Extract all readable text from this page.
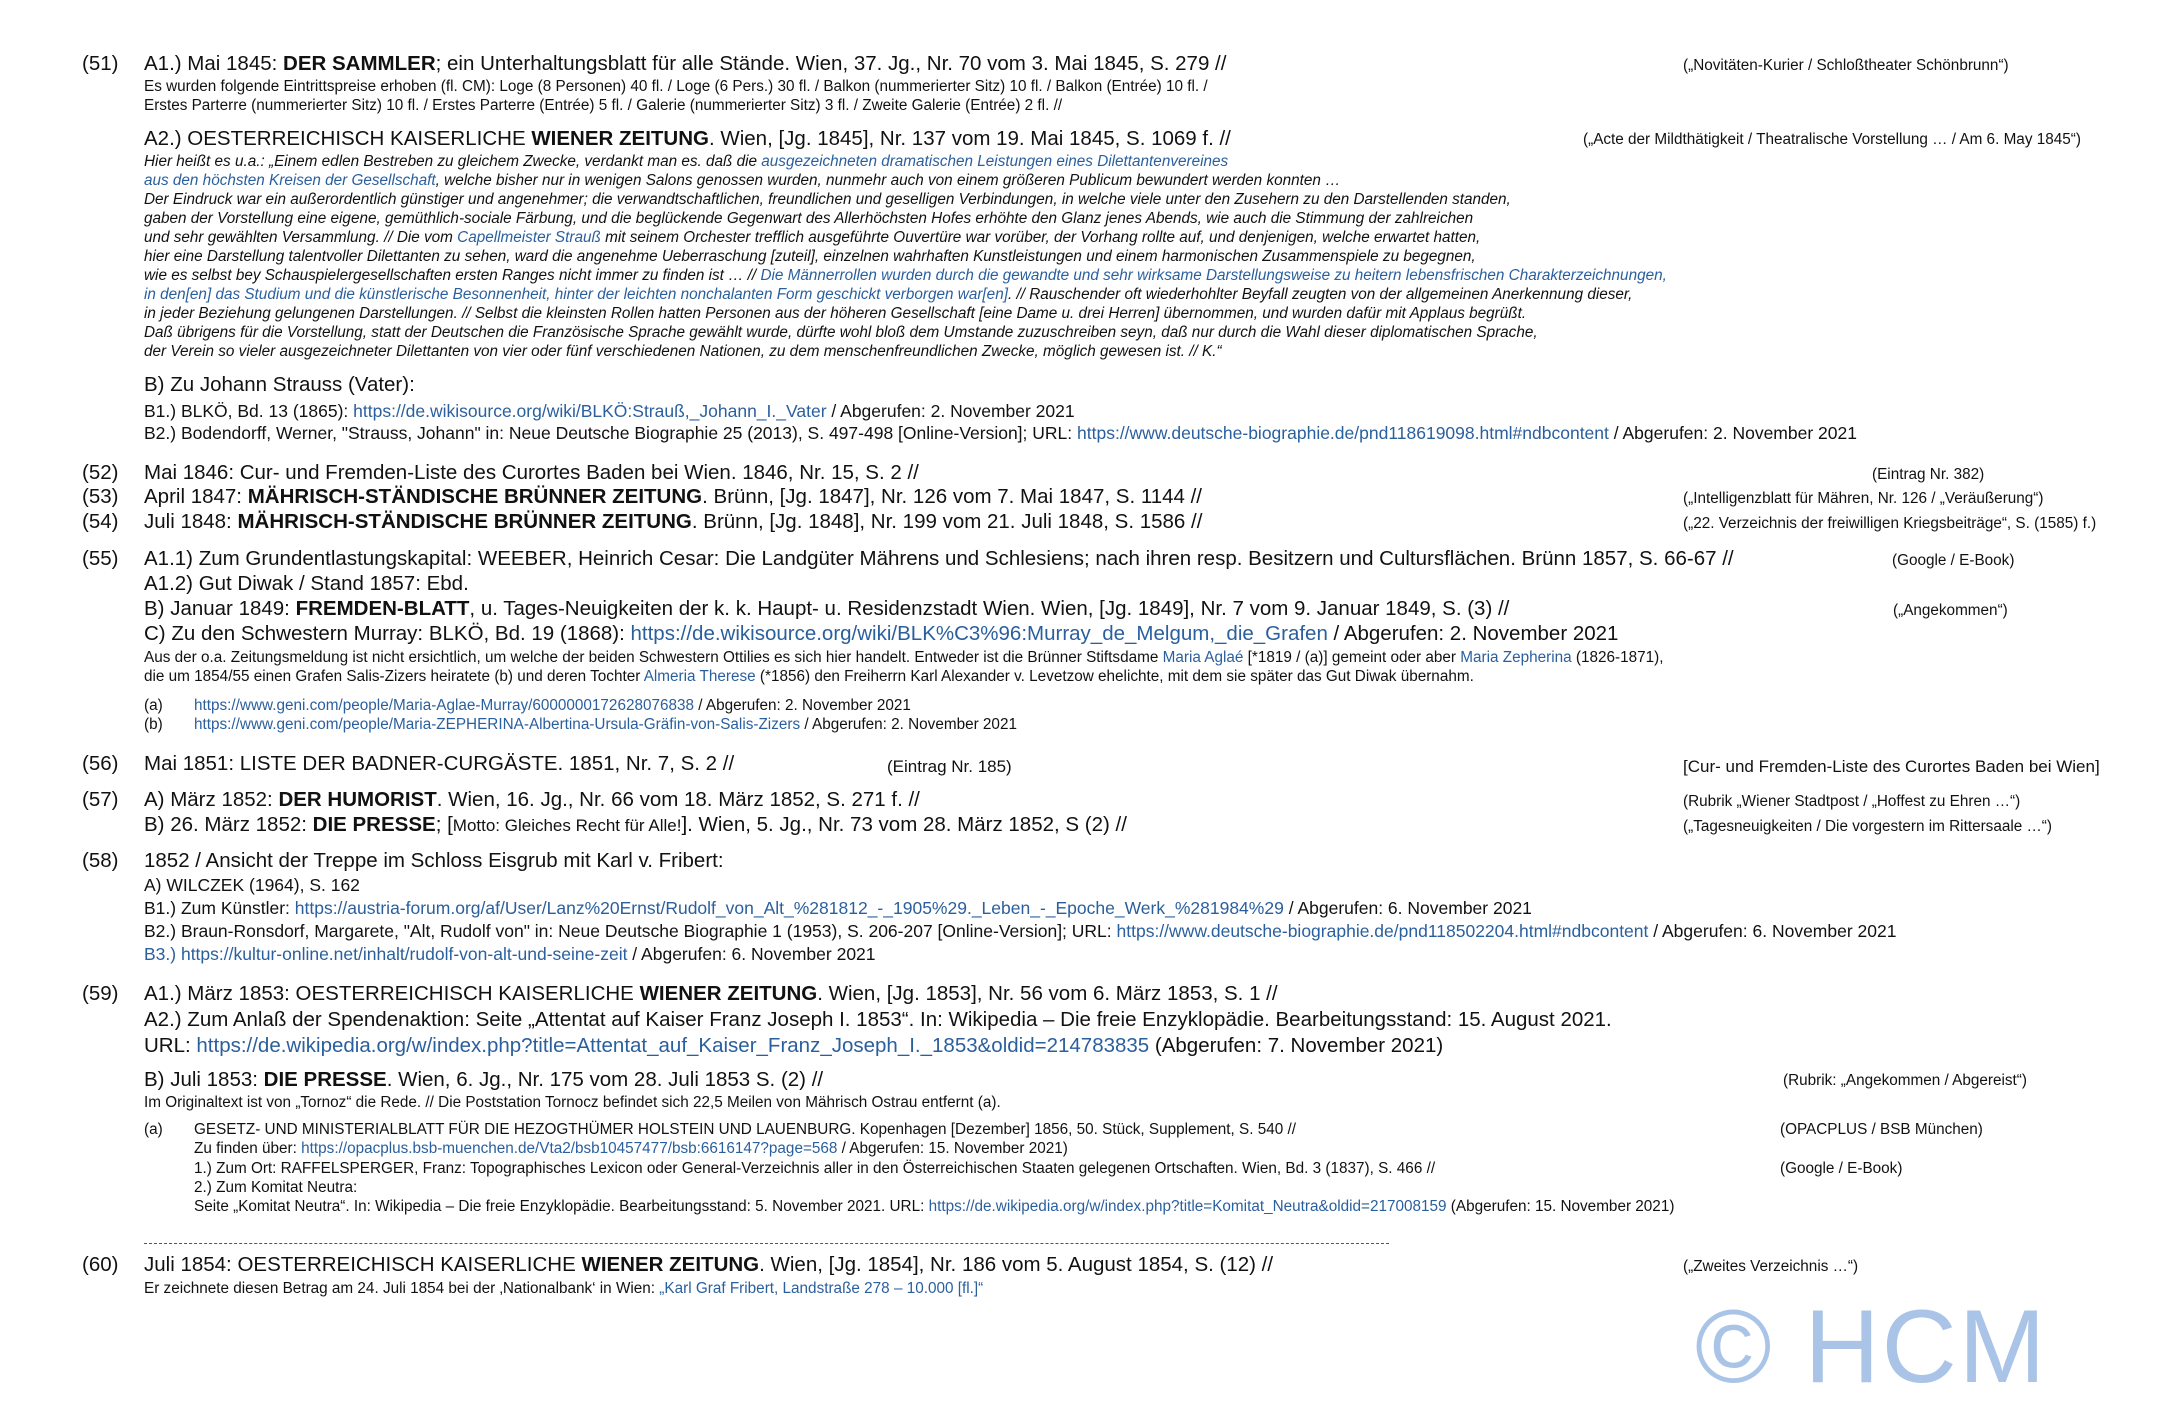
(51) A1.) Mai 1845: DER SAMMLER; ein Unterhaltungsblatt für alle Stände. Wien, 37. Jg., Nr. 70 vom 3. Mai 1845, S. 279 //	(„Novitäten-Kurier / Schloßtheater Schönbrunn“)
Es wurden folgende Eintrittspreise erhoben (fl. CM): Loge (8 Personen) 40 fl. / Loge (6 Pers.) 30 fl. / Balkon (nummerierter Sitz) 10 fl. / Balkon (Entrée) 10 fl. /
Erstes Parterre (nummerierter Sitz) 10 fl. / Erstes Parterre (Entrée) 5 fl. / Galerie (nummerierter Sitz) 3 fl. / Zweite Galerie (Entrée) 2 fl. //
A2.) OESTERREICHISCH KAISERLICHE WIENER ZEITUNG. Wien, [Jg. 1845], Nr. 137 vom 19. Mai 1845, S. 1069 f. //	(„Acte der Mildthätigkeit / Theatralische Vorstellung … / Am 6. May 1845“)
Hier heißt es u.a.: „Einem edlen Bestreben zu gleichem Zwecke, verdankt man es. daß die ausgezeichneten dramatischen Leistungen eines Dilettantenvereines
aus den höchsten Kreisen der Gesellschaft, welche bisher nur in wenigen Salons genossen wurden, nunmehr auch von einem größeren Publicum bewundert werden konnten …
Der Eindruck war ein außerordentlich günstiger und angenehmer; die verwandtschaftlichen, freundlichen und geselligen Verbindungen, in welche viele unter den Zusehern zu den Darstellenden standen,
gaben der Vorstellung eine eigene, gemüthlich-sociale Färbung, und die beglückende Gegenwart des Allerhöchsten Hofes erhöhte den Glanz jenes Abends, wie auch die Stimmung der zahlreichen
und sehr gewählten Versammlung. // Die vom Capellmeister Strauß mit seinem Orchester trefflich ausgeführte Ouvertüre war vorüber, der Vorhang rollte auf, und denjenigen, welche erwartet hatten,
hier eine Darstellung talentvoller Dilettanten zu sehen, ward die angenehme Ueberraschung [zuteil], einzelnen wahrhaften Kunstleistungen und einem harmonischen Zusammenspiele zu begegnen,
wie es selbst bey Schauspielergesellschaften ersten Ranges nicht immer zu finden ist … // Die Männerrollen wurden durch die gewandte und sehr wirksame Darstellungsweise zu heitern lebensfrischen Charakterzeichnungen,
in den[en] das Studium und die künstlerische Besonnenheit, hinter der leichten nonchalanten Form geschickt verborgen war[en]. // Rauschender oft wiederhohlter Beyfall zeugten von der allgemeinen Anerkennung dieser,
in jeder Beziehung gelungenen Darstellungen. // Selbst die kleinsten Rollen hatten Personen aus der höheren Gesellschaft [eine Dame u. drei Herren] übernommen, und wurden dafür mit Applaus begrüßt.
Daß übrigens für die Vorstellung, statt der Deutschen die Französische Sprache gewählt wurde, dürfte wohl bloß dem Umstande zuzuschreiben seyn, daß nur durch die Wahl dieser diplomatischen Sprache,
der Verein so vieler ausgezeichneter Dilettanten von vier oder fünf verschiedenen Nationen, zu dem menschenfreundlichen Zwecke, möglich gewesen ist. // K.“
B) Zu Johann Strauss (Vater):
B1.) BLKÖ, Bd. 13 (1865): https://de.wikisource.org/wiki/BLKÖ:Strauß,_Johann_I._Vater / Abgerufen: 2. November 2021
B2.) Bodendorff, Werner, "Strauss, Johann" in: Neue Deutsche Biographie 25 (2013), S. 497-498 [Online-Version]; URL: https://www.deutsche-biographie.de/pnd118619098.html#ndbcontent / Abgerufen: 2. November 2021
(52) Mai 1846: Cur- und Fremden-Liste des Curortes Baden bei Wien. 1846, Nr. 15, S. 2 //	(Eintrag Nr. 382)
(53) April 1847: MÄHRISCH-STÄNDISCHE BRÜNNER ZEITUNG. Brünn, [Jg. 1847], Nr. 126 vom 7. Mai 1847, S. 1144 //	(„Intelligenzblatt für Mähren, Nr. 126 / „Veräußerung“)
(54) Juli 1848: MÄHRISCH-STÄNDISCHE BRÜNNER ZEITUNG. Brünn, [Jg. 1848], Nr. 199 vom 21. Juli 1848, S. 1586 //	(„22. Verzeichnis der freiwilligen Kriegsbeiträge“, S. (1585) f.)
(55) A1.1) Zum Grundentlastungskapital: WEEBER, Heinrich Cesar: Die Landgüter Mährens und Schlesiens; nach ihren resp. Besitzern und Cultursflächen. Brünn 1857, S. 66-67 //	(Google / E-Book)
A1.2) Gut Diwak / Stand 1857: Ebd.
B) Januar 1849: FREMDEN-BLATT, u. Tages-Neuigkeiten der k. k. Haupt- u. Residenzstadt Wien. Wien, [Jg. 1849], Nr. 7 vom 9. Januar 1849, S. (3) //	(„Angekommen“)
C) Zu den Schwestern Murray: BLKÖ, Bd. 19 (1868): https://de.wikisource.org/wiki/BLK%C3%96:Murray_de_Melgum,_die_Grafen / Abgerufen: 2. November 2021
Aus der o.a. Zeitungsmeldung ist nicht ersichtlich, um welche der beiden Schwestern Ottilies es sich hier handelt. Entweder ist die Brünner Stiftsdame Maria Aglaé [*1819 / (a)] gemeint oder aber Maria Zepherina (1826-1871),
die um 1854/55 einen Grafen Salis-Zizers heiratete (b) und deren Tochter Almeria Therese (*1856) den Freiherrn Karl Alexander v. Levetzow ehelichte, mit dem sie später das Gut Diwak übernahm.
(a) https://www.geni.com/people/Maria-Aglae-Murray/6000000172628076838 / Abgerufen: 2. November 2021
(b) https://www.geni.com/people/Maria-ZEPHERINA-Albertina-Ursula-Gräfin-von-Salis-Zizers / Abgerufen: 2. November 2021
(56) Mai 1851: LISTE DER BADNER-CURGÄSTE. 1851, Nr. 7, S. 2 //	(Eintrag Nr. 185)	[Cur- und Fremden-Liste des Curortes Baden bei Wien]
(57) A) März 1852: DER HUMORIST. Wien, 16. Jg., Nr. 66 vom 18. März 1852, S. 271 f. //	(Rubrik „Wiener Stadtpost / „Hoffest zu Ehren …“)
B) 26. März 1852: DIE PRESSE; [Motto: Gleiches Recht für Alle!]. Wien, 5. Jg., Nr. 73 vom 28. März 1852, S (2) //	(„Tagesneuigkeiten / Die vorgestern im Rittersaale …“)
(58) 1852 / Ansicht der Treppe im Schloss Eisgrub mit Karl v. Fribert:
A) WILCZEK (1964), S. 162
B1.) Zum Künstler: https://austria-forum.org/af/User/Lanz%20Ernst/Rudolf_von_Alt_%281812_-_1905%29._Leben_-_Epoche_Werk_%281984%29 / Abgerufen: 6. November 2021
B2.) Braun-Ronsdorf, Margarete, "Alt, Rudolf von" in: Neue Deutsche Biographie 1 (1953), S. 206-207 [Online-Version]; URL: https://www.deutsche-biographie.de/pnd118502204.html#ndbcontent / Abgerufen: 6. November 2021
B3.) https://kultur-online.net/inhalt/rudolf-von-alt-und-seine-zeit / Abgerufen: 6. November 2021
(59) A1.) März 1853: OESTERREICHISCH KAISERLICHE WIENER ZEITUNG. Wien, [Jg. 1853], Nr. 56 vom 6. März 1853, S. 1 //
A2.) Zum Anlaß der Spendenaktion: Seite „Attentat auf Kaiser Franz Joseph I. 1853“. In: Wikipedia – Die freie Enzyklopädie. Bearbeitungsstand: 15. August 2021.
URL: https://de.wikipedia.org/w/index.php?title=Attentat_auf_Kaiser_Franz_Joseph_I._1853&oldid=214783835 (Abgerufen: 7. November 2021)
B) Juli 1853: DIE PRESSE. Wien, 6. Jg., Nr. 175 vom 28. Juli 1853 S. (2) //	(Rubrik: „Angekommen / Abgereist“)
Im Originaltext ist von „Tornoz“ die Rede. // Die Poststation Tornocz befindet sich 22,5 Meilen von Mährisch Ostrau entfernt (a).
(a) GESETZ- UND MINISTERIALBLATT FÜR DIE HEZOGTHÜMER HOLSTEIN UND LAUENBURG. Kopenhagen [Dezember] 1856, 50. Stück, Supplement, S. 540 //	(OPACPLUS / BSB München)
Zu finden über: https://opacplus.bsb-muenchen.de/Vta2/bsb10457477/bsb:6616147?page=568 / Abgerufen: 15. November 2021)
1.) Zum Ort: RAFFELSPERGER, Franz: Topographisches Lexicon oder General-Verzeichnis aller in den Österreichischen Staaten gelegenen Ortschaften. Wien, Bd. 3 (1837), S. 466 //	(Google / E-Book)
2.) Zum Komitat Neutra:
Seite „Komitat Neutra“. In: Wikipedia – Die freie Enzyklopädie. Bearbeitungsstand: 5. November 2021. URL: https://de.wikipedia.org/w/index.php?title=Komitat_Neutra&oldid=217008159 (Abgerufen: 15. November 2021)
(60) Juli 1854: OESTERREICHISCH KAISERLICHE WIENER ZEITUNG. Wien, [Jg. 1854], Nr. 186 vom 5. August 1854, S. (12) //	(„Zweites Verzeichnis …“)
Er zeichnete diesen Betrag am 24. Juli 1854 bei der ‚Nationalbank‘ in Wien: „Karl Graf Fribert, Landstraße 278 – 10.000 [fl.]“
© HCM
